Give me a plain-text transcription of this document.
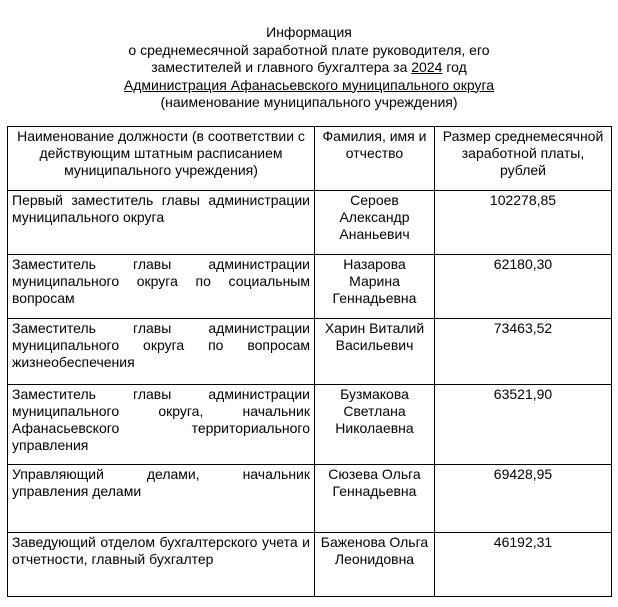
Информация
о среднемесячной заработной плате руководителя, его
заместителей и главного бухгалтера за 2024 год
Администрация Афанасьевского муниципального округа
(наименование муниципального учреждения)
Наименование должности (в соответствии с действующим штатным расписанием муниципального учреждения)	Фамилия, имя и отчество	Размер среднемесячной заработной платы, рублей
Первый заместитель главы администрации муниципального округа	Сероев Александр Ананьевич	102278,85
Заместитель главы администрации муниципального округа по социальным вопросам	Назарова Марина Геннадьевна	62180,30
Заместитель главы администрации муниципального округа по вопросам жизнеобеспечения	Харин Виталий Васильевич	73463,52
Заместитель главы администрации муниципального округа, начальник Афанасьевского территориального управления	Бузмакова Светлана Николаевна	63521,90
Управляющий делами, начальник управления делами	Сюзева Ольга Геннадьевна	69428,95
Заведующий отделом бухгалтерского учета и отчетности, главный бухгалтер	Баженова Ольга Леонидовна	46192,31
